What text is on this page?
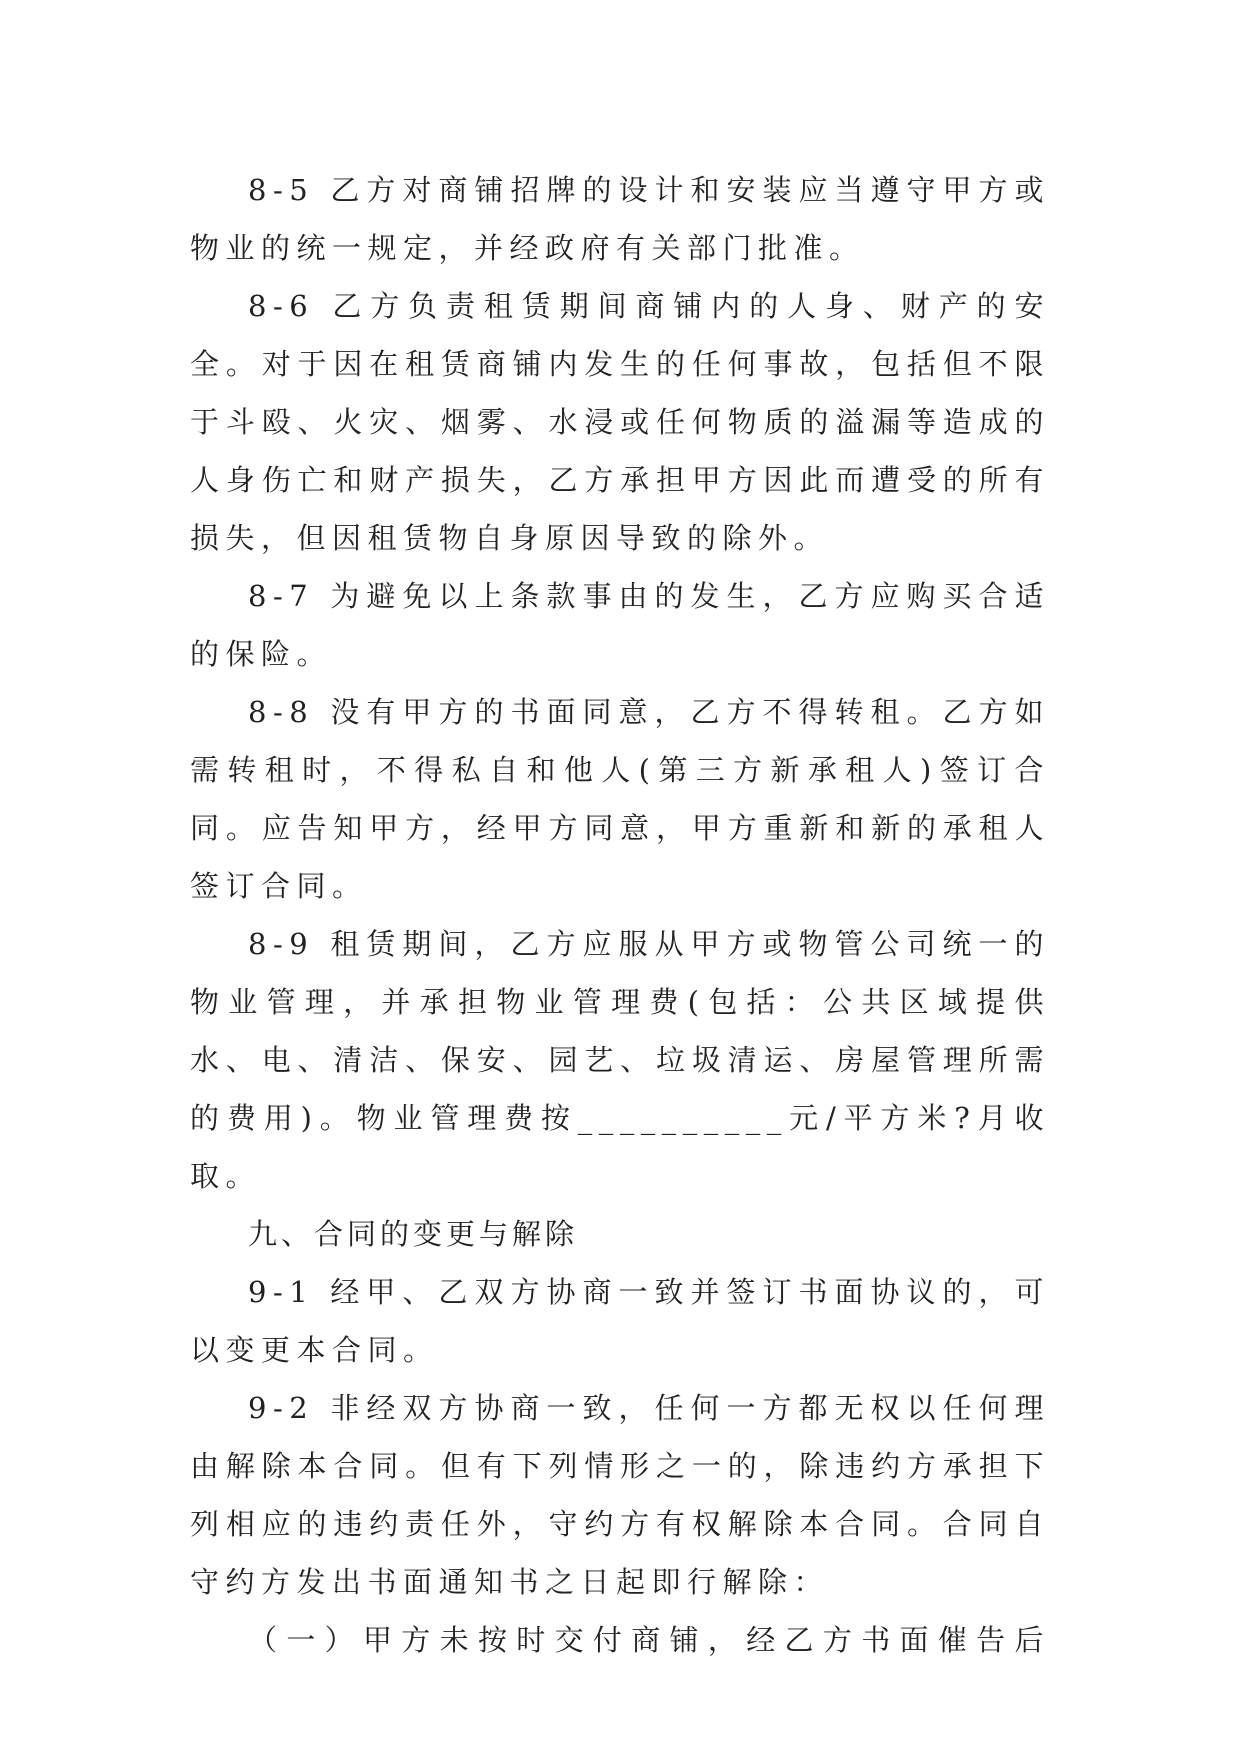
8-5 乙方对商铺招牌的设计和安装应当遵守甲方或物业的统一规定，并经政府有关部门批准。

8-6 乙方负责租赁期间商铺内的人身、财产的安全。对于因在租赁商铺内发生的任何事故，包括但不限于斗殴、火灾、烟雾、水浸或任何物质的溢漏等造成的人身伤亡和财产损失，乙方承担甲方因此而遭受的所有损失，但因租赁物自身原因导致的除外。

8-7 为避免以上条款事由的发生，乙方应购买合适的保险。

8-8 没有甲方的书面同意，乙方不得转租。乙方如需转租时，不得私自和他人(第三方新承租人)签订合同。应告知甲方，经甲方同意，甲方重新和新的承租人签订合同。

8-9 租赁期间，乙方应服从甲方或物管公司统一的物业管理，并承担物业管理费(包括：公共区域提供水、电、清洁、保安、园艺、垃圾清运、房屋管理所需的费用)。物业管理费按__________元/平方米?月收取。

九、合同的变更与解除

9-1 经甲、乙双方协商一致并签订书面协议的，可以变更本合同。

9-2 非经双方协商一致，任何一方都无权以任何理由解除本合同。但有下列情形之一的，除违约方承担下列相应的违约责任外，守约方有权解除本合同。合同自守约方发出书面通知书之日起即行解除：

（一）甲方未按时交付商铺，经乙方书面催告后
